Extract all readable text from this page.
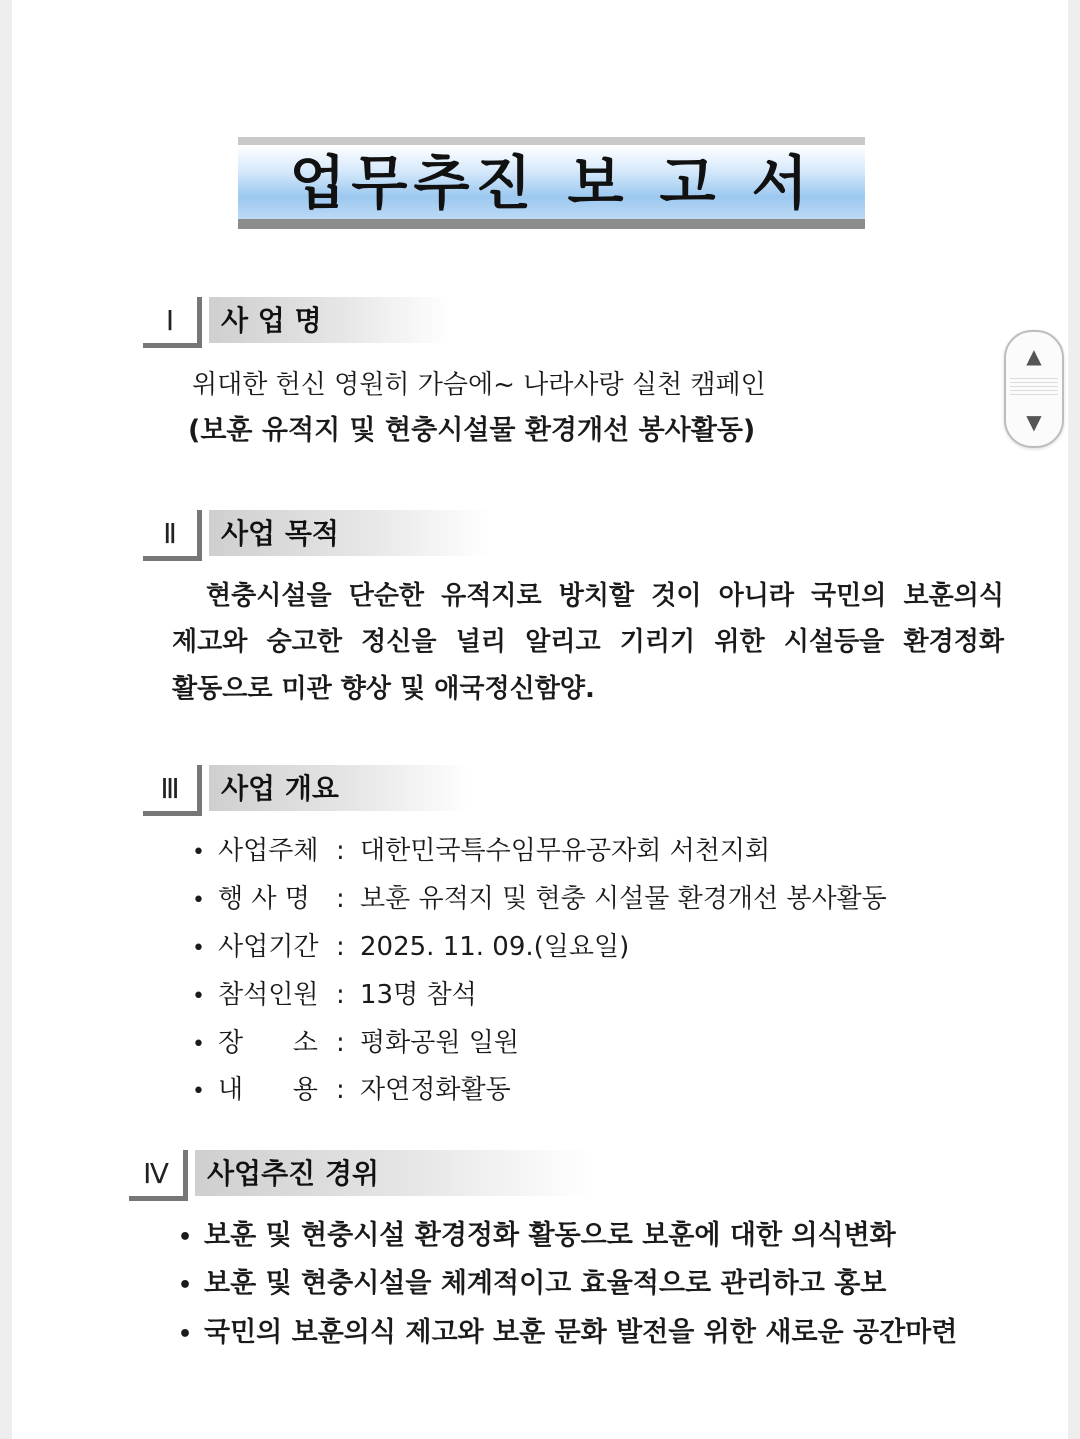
업무추진 보 고 서
Ⅰ	사 업 명
위대한 헌신 영원히 가슴에~ 나라사랑 실천 캠페인
(보훈 유적지 및 현충시설물 환경개선 봉사활동)
Ⅱ	사업 목적
현충시설을 단순한 유적지로 방치할 것이 아니라 국민의 보훈의식
제고와 숭고한 정신을 널리 알리고 기리기 위한 시설등을 환경정화
활동으로 미관 향상 및 애국정신함양.
Ⅲ	사업 개요
• 사업주체 : 대한민국특수임무유공자회 서천지회
• 행 사 명 : 보훈 유적지 및 현충 시설물 환경개선 봉사활동
• 사업기간 : 2025. 11. 09.(일요일)
• 참석인원 : 13명 참석
• 장      소 : 평화공원 일원
• 내      용 : 자연정화활동
Ⅳ	사업추진 경위
• 보훈 및 현충시설 환경정화 활동으로 보훈에 대한 의식변화
• 보훈 및 현충시설을 체계적이고 효율적으로 관리하고 홍보
• 국민의 보훈의식 제고와 보훈 문화 발전을 위한 새로운 공간마련
▲
▼
